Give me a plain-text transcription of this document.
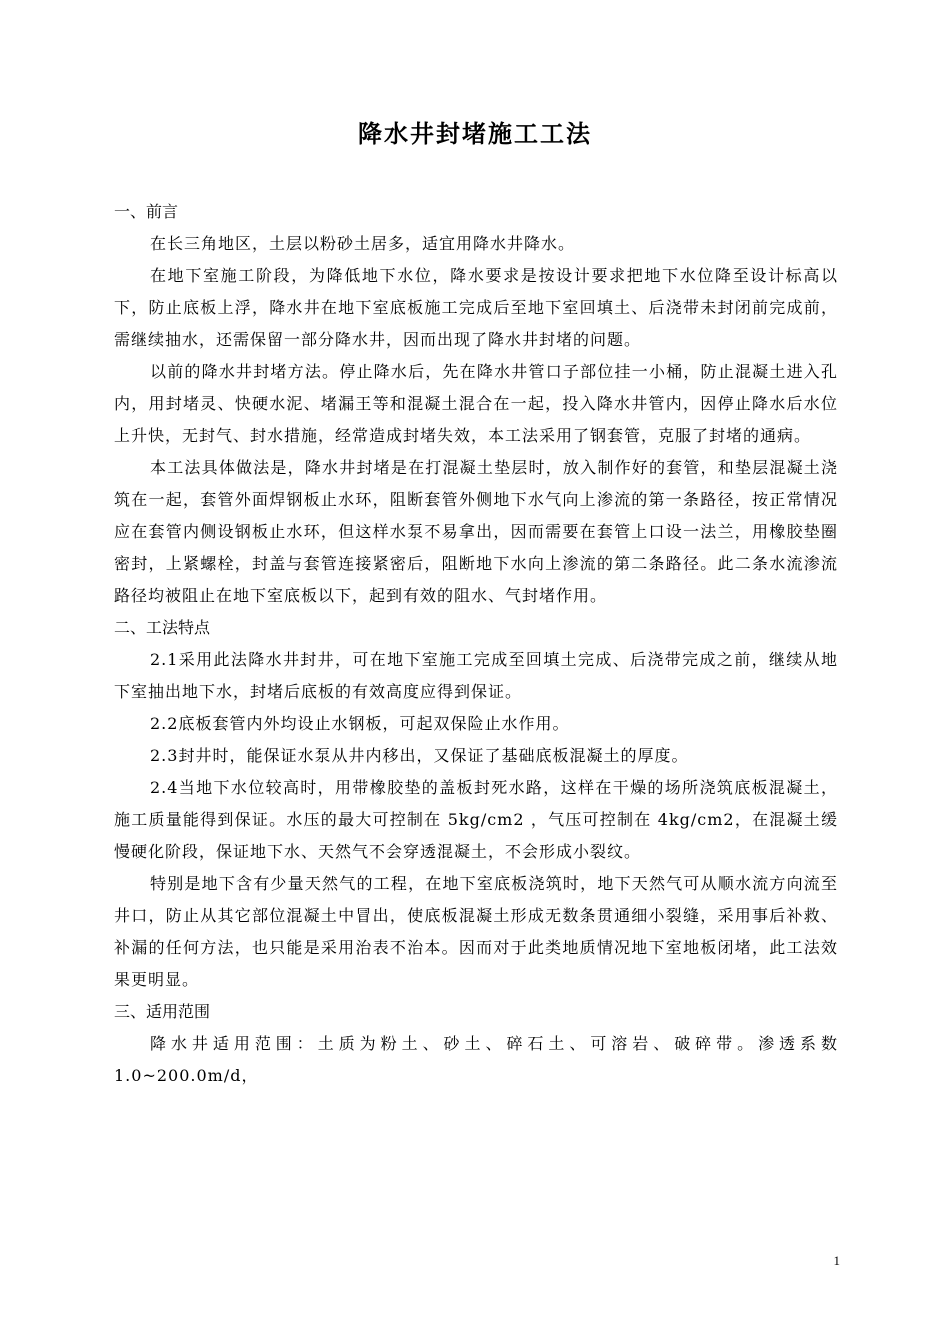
降水井封堵施工工法
一、前言

在长三角地区，土层以粉砂土居多，适宜用降水井降水。

在地下室施工阶段，为降低地下水位，降水要求是按设计要求把地下水位降至设计标高以下，防止底板上浮，降水井在地下室底板施工完成后至地下室回填土、后浇带未封闭前完成前，需继续抽水，还需保留一部分降水井，因而出现了降水井封堵的问题。

以前的降水井封堵方法。停止降水后，先在降水井管口子部位挂一小桶，防止混凝土进入孔内，用封堵灵、快硬水泥、堵漏王等和混凝土混合在一起，投入降水井管内，因停止降水后水位上升快，无封气、封水措施，经常造成封堵失效，本工法采用了钢套管，克服了封堵的通病。

本工法具体做法是，降水井封堵是在打混凝土垫层时，放入制作好的套管，和垫层混凝土浇筑在一起，套管外面焊钢板止水环，阻断套管外侧地下水气向上渗流的第一条路径，按正常情况应在套管内侧设钢板止水环，但这样水泵不易拿出，因而需要在套管上口设一法兰，用橡胶垫圈密封，上紧螺栓，封盖与套管连接紧密后，阻断地下水向上渗流的第二条路径。此二条水流渗流路径均被阻止在地下室底板以下，起到有效的阻水、气封堵作用。

二、工法特点

2.1采用此法降水井封井，可在地下室施工完成至回填土完成、后浇带完成之前，继续从地下室抽出地下水，封堵后底板的有效高度应得到保证。

2.2底板套管内外均设止水钢板，可起双保险止水作用。

2.3封井时，能保证水泵从井内移出，又保证了基础底板混凝土的厚度。

2.4当地下水位较高时，用带橡胶垫的盖板封死水路，这样在干燥的场所浇筑底板混凝土，施工质量能得到保证。水压的最大可控制在 5kg/cm2 ，气压可控制在 4kg/cm2，在混凝土缓慢硬化阶段，保证地下水、天然气不会穿透混凝土，不会形成小裂纹。

特别是地下含有少量天然气的工程，在地下室底板浇筑时，地下天然气可从顺水流方向流至井口，防止从其它部位混凝土中冒出，使底板混凝土形成无数条贯通细小裂缝，采用事后补救、补漏的任何方法，也只能是采用治表不治本。因而对于此类地质情况地下室地板闭堵，此工法效果更明显。

三、适用范围

降水井适用范围：土质为粉土、砂土、碎石土、可溶岩、破碎带。渗透系数 1.0~200.0m/d，

1
